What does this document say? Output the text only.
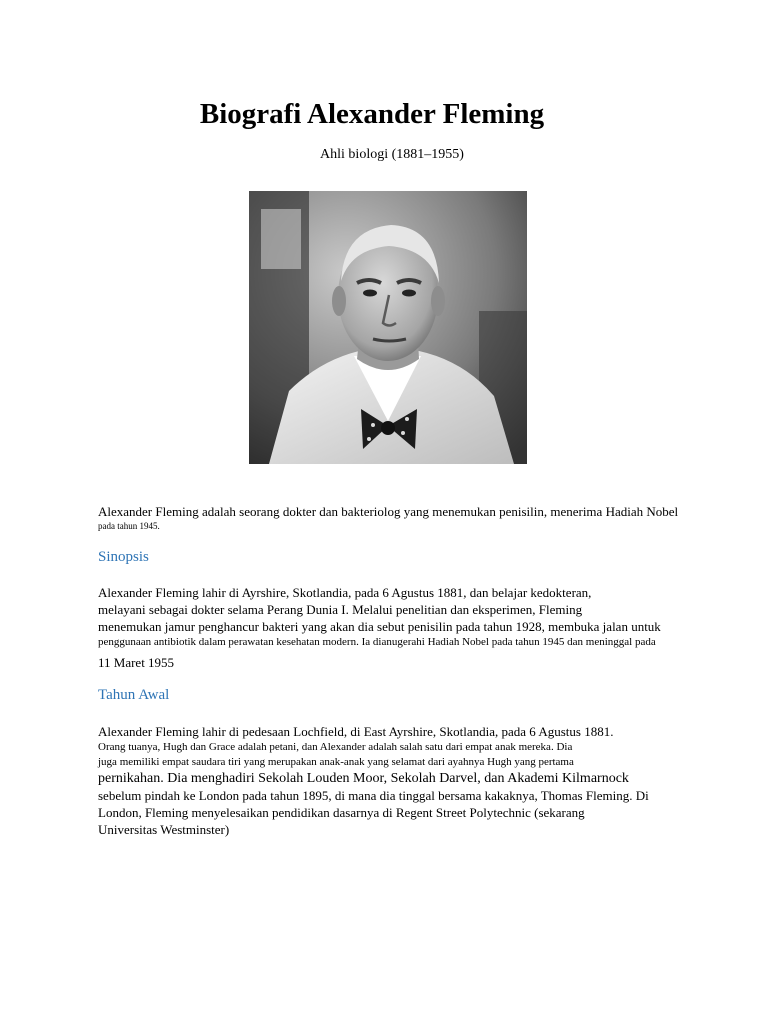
Biografi Alexander Fleming
Ahli biologi (1881–1955)
Alexander Fleming adalah seorang dokter dan bakteriolog yang menemukan penisilin, menerima Hadiah Nobel
pada tahun 1945.
Sinopsis
Alexander Fleming lahir di Ayrshire, Skotlandia, pada 6 Agustus 1881, dan belajar kedokteran,
melayani sebagai dokter selama Perang Dunia I. Melalui penelitian dan eksperimen, Fleming
menemukan jamur penghancur bakteri yang akan dia sebut penisilin pada tahun 1928, membuka jalan untuk
penggunaan antibiotik dalam perawatan kesehatan modern. Ia dianugerahi Hadiah Nobel pada tahun 1945 dan meninggal pada
11 Maret 1955
Tahun Awal
Alexander Fleming lahir di pedesaan Lochfield, di East Ayrshire, Skotlandia, pada 6 Agustus 1881.
Orang tuanya, Hugh dan Grace adalah petani, dan Alexander adalah salah satu dari empat anak mereka. Dia
juga memiliki empat saudara tiri yang merupakan anak-anak yang selamat dari ayahnya Hugh yang pertama
pernikahan. Dia menghadiri Sekolah Louden Moor, Sekolah Darvel, dan Akademi Kilmarnock
sebelum pindah ke London pada tahun 1895, di mana dia tinggal bersama kakaknya, Thomas Fleming. Di
London, Fleming menyelesaikan pendidikan dasarnya di Regent Street Polytechnic (sekarang
Universitas Westminster)
